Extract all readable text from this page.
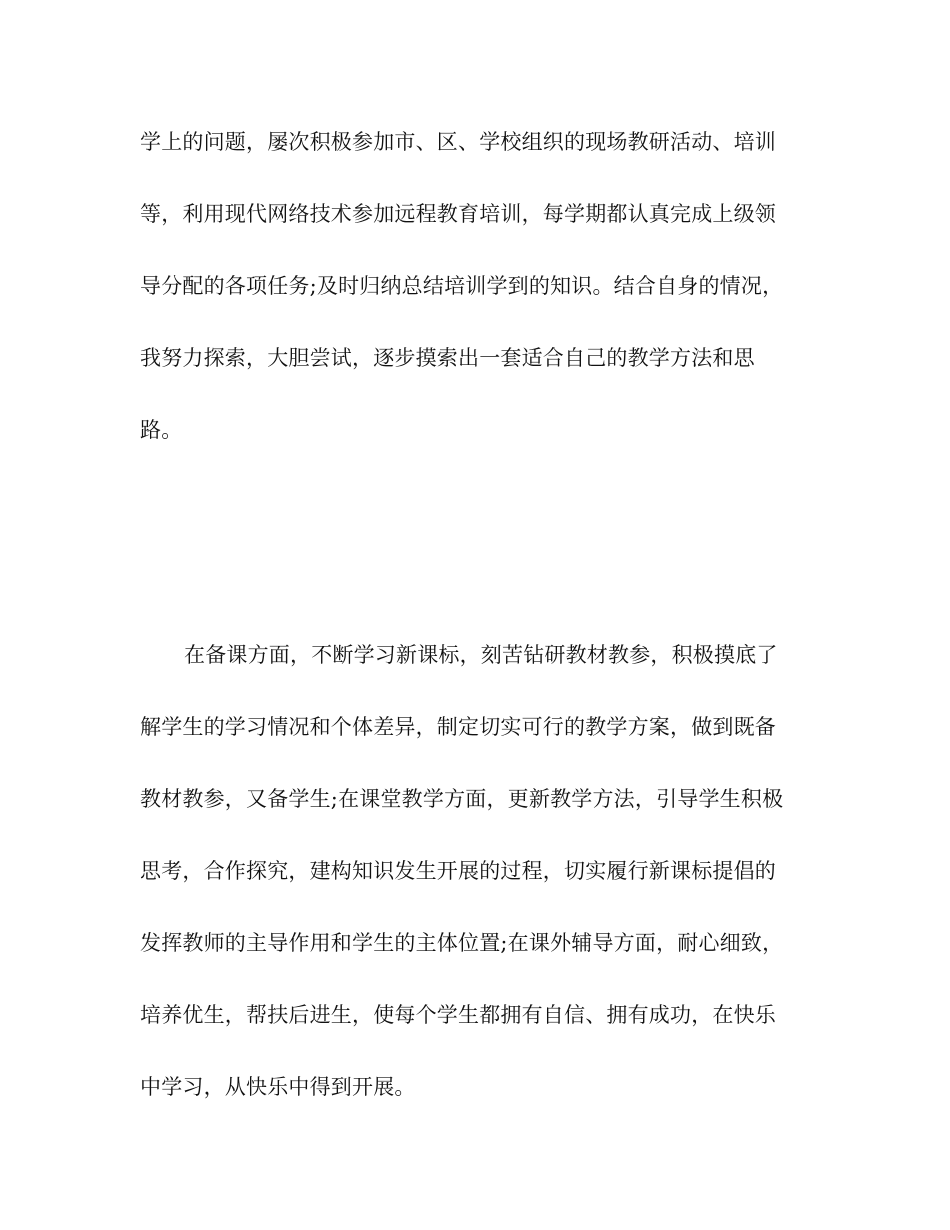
学上的问题，屡次积极参加市、区、学校组织的现场教研活动、培训
等，利用现代网络技术参加远程教育培训，每学期都认真完成上级领
导分配的各项任务;及时归纳总结培训学到的知识。结合自身的情况，
我努力探索，大胆尝试，逐步摸索出一套适合自己的教学方法和思
路。

在备课方面，不断学习新课标，刻苦钻研教材教参，积极摸底了
解学生的学习情况和个体差异，制定切实可行的教学方案，做到既备
教材教参，又备学生;在课堂教学方面，更新教学方法，引导学生积极
思考，合作探究，建构知识发生开展的过程，切实履行新课标提倡的
发挥教师的主导作用和学生的主体位置;在课外辅导方面，耐心细致，
培养优生，帮扶后进生，使每个学生都拥有自信、拥有成功，在快乐
中学习，从快乐中得到开展。
